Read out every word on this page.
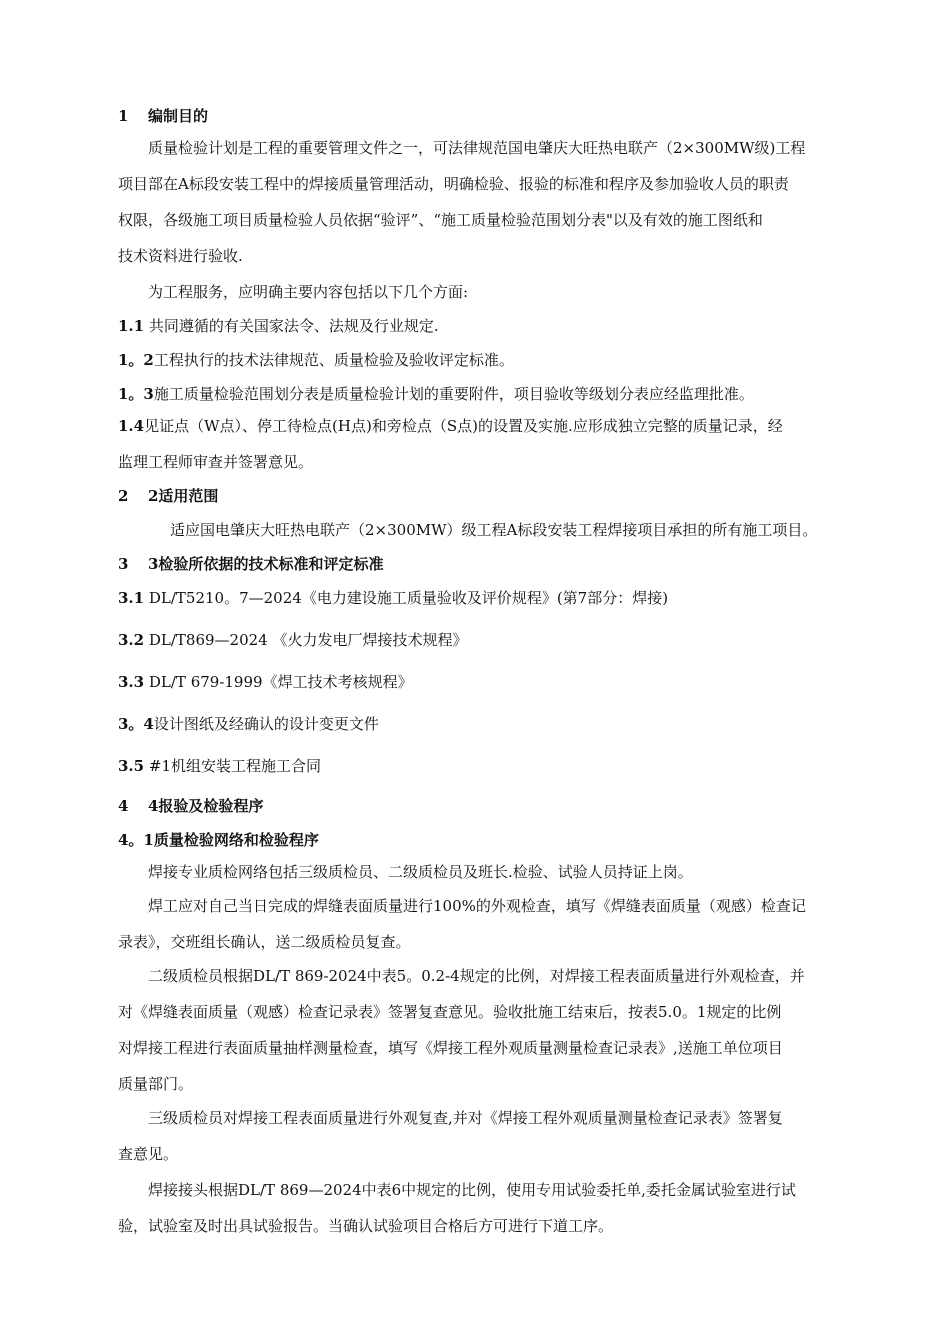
1 编制目的
质量检验计划是工程的重要管理文件之一，可法律规范国电肇庆大旺热电联产（2×300MW级)工程
项目部在A标段安装工程中的焊接质量管理活动，明确检验、报验的标准和程序及参加验收人员的职责
权限，各级施工项目质量检验人员依据“验评”、“施工质量检验范围划分表"以及有效的施工图纸和
技术资料进行验收.
为工程服务，应明确主要内容包括以下几个方面:
1.1 共同遵循的有关国家法令、法规及行业规定.
1。2工程执行的技术法律规范、质量检验及验收评定标准。
1。3施工质量检验范围划分表是质量检验计划的重要附件，项目验收等级划分表应经监理批准。
1.4见证点（W点）、停工待检点(H点)和旁检点（S点)的设置及实施.应形成独立完整的质量记录，经
监理工程师审查并签署意见。
2 2适用范围
适应国电肇庆大旺热电联产（2×300MW）级工程A标段安装工程焊接项目承担的所有施工项目。
3 3检验所依据的技术标准和评定标准
3.1 DL/T5210。7—2024《电力建设施工质量验收及评价规程》(第7部分：焊接)
3.2 DL/T869—2024 《火力发电厂焊接技术规程》
3.3 DL/T 679-1999《焊工技术考核规程》
3。4设计图纸及经确认的设计变更文件
3.5 #1机组安装工程施工合同
4 4报验及检验程序
4。1质量检验网络和检验程序
焊接专业质检网络包括三级质检员、二级质检员及班长.检验、试验人员持证上岗。
焊工应对自己当日完成的焊缝表面质量进行100%的外观检查，填写《焊缝表面质量（观感）检查记
录表》，交班组长确认，送二级质检员复查。
二级质检员根据DL/T 869-2024中表5。0.2-4规定的比例，对焊接工程表面质量进行外观检查，并
对《焊缝表面质量（观感）检查记录表》签署复查意见。验收批施工结束后，按表5.0。1规定的比例
对焊接工程进行表面质量抽样测量检查，填写《焊接工程外观质量测量检查记录表》,送施工单位项目
质量部门。
三级质检员对焊接工程表面质量进行外观复查,并对《焊接工程外观质量测量检查记录表》签署复
查意见。
焊接接头根据DL/T 869—2024中表6中规定的比例，使用专用试验委托单,委托金属试验室进行试
验，试验室及时出具试验报告。当确认试验项目合格后方可进行下道工序。
